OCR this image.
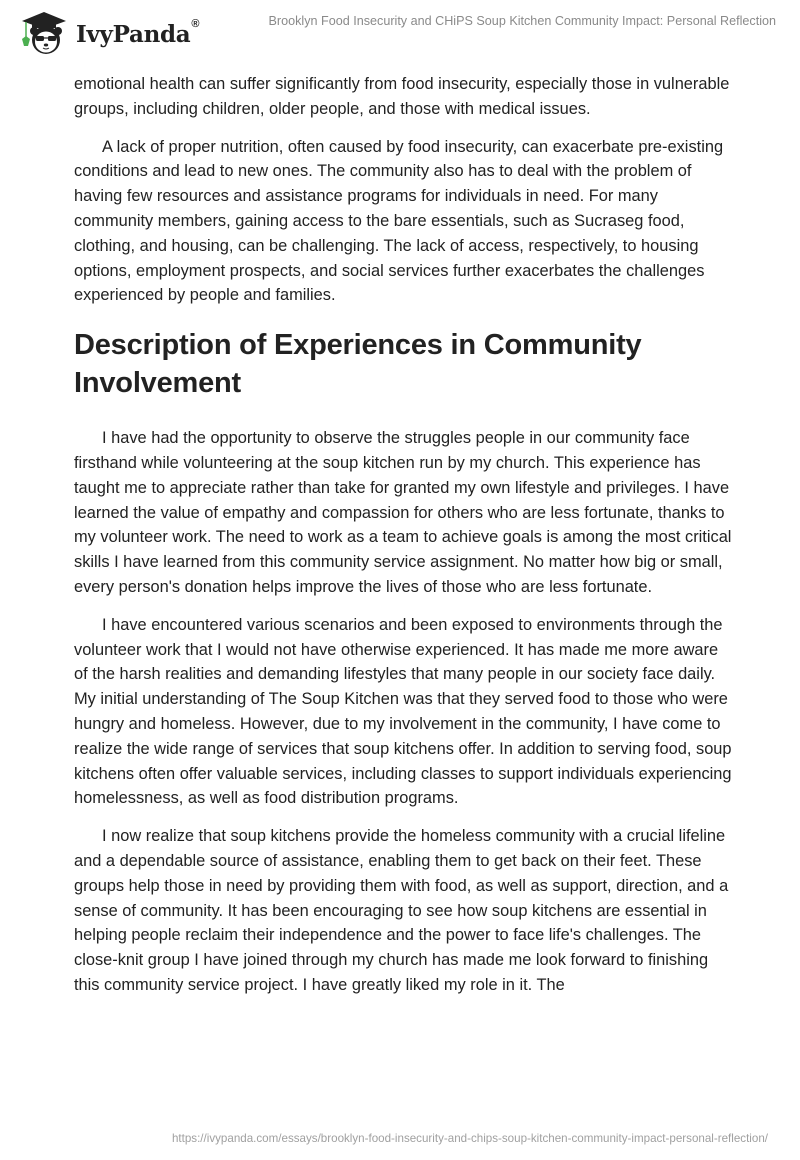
IvyPanda®	Brooklyn Food Insecurity and CHiPS Soup Kitchen Community Impact: Personal Reflection

emotional health can suffer significantly from food insecurity, especially those in vulnerable groups, including children, older people, and those with medical issues.

A lack of proper nutrition, often caused by food insecurity, can exacerbate pre-existing conditions and lead to new ones. The community also has to deal with the problem of having few resources and assistance programs for individuals in need. For many community members, gaining access to the bare essentials, such as Sucraseg food, clothing, and housing, can be challenging. The lack of access, respectively, to housing options, employment prospects, and social services further exacerbates the challenges experienced by people and families.

Description of Experiences in Community Involvement

I have had the opportunity to observe the struggles people in our community face firsthand while volunteering at the soup kitchen run by my church. This experience has taught me to appreciate rather than take for granted my own lifestyle and privileges. I have learned the value of empathy and compassion for others who are less fortunate, thanks to my volunteer work. The need to work as a team to achieve goals is among the most critical skills I have learned from this community service assignment. No matter how big or small, every person's donation helps improve the lives of those who are less fortunate.

I have encountered various scenarios and been exposed to environments through the volunteer work that I would not have otherwise experienced. It has made me more aware of the harsh realities and demanding lifestyles that many people in our society face daily. My initial understanding of The Soup Kitchen was that they served food to those who were hungry and homeless. However, due to my involvement in the community, I have come to realize the wide range of services that soup kitchens offer. In addition to serving food, soup kitchens often offer valuable services, including classes to support individuals experiencing homelessness, as well as food distribution programs.

I now realize that soup kitchens provide the homeless community with a crucial lifeline and a dependable source of assistance, enabling them to get back on their feet. These groups help those in need by providing them with food, as well as support, direction, and a sense of community. It has been encouraging to see how soup kitchens are essential in helping people reclaim their independence and the power to face life's challenges. The close-knit group I have joined through my church has made me look forward to finishing this community service project. I have greatly liked my role in it. The

https://ivypanda.com/essays/brooklyn-food-insecurity-and-chips-soup-kitchen-community-impact-personal-reflection/
